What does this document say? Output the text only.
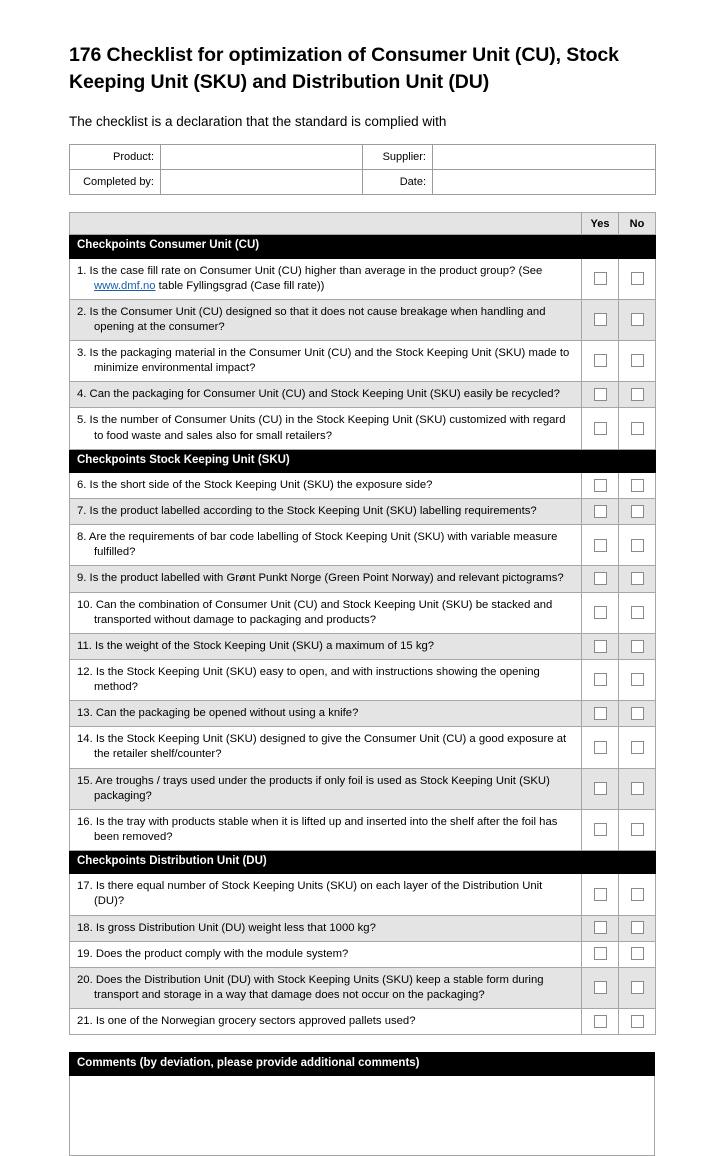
176 Checklist for optimization of Consumer Unit (CU), Stock Keeping Unit (SKU) and Distribution Unit (DU)

The checklist is a declaration that the standard is complied with

Product:		Supplier:	
Completed by:		Date:	
	Yes	No
Checkpoints Consumer Unit (CU)		

1. Is the case fill rate on Consumer Unit (CU) higher than average in the product group? (See www.dmf.no table Fyllingsgrad (Case fill rate))		

2. Is the Consumer Unit (CU) designed so that it does not cause breakage when handling and opening at the consumer?		

3. Is the packaging material in the Consumer Unit (CU) and the Stock Keeping Unit (SKU) made to minimize environmental impact?		

4. Can the packaging for Consumer Unit (CU) and Stock Keeping Unit (SKU) easily be recycled?		

5. Is the number of Consumer Units (CU) in the Stock Keeping Unit (SKU) customized with regard to food waste and sales also for small retailers?		

Checkpoints Stock Keeping Unit (SKU)		

6. Is the short side of the Stock Keeping Unit (SKU) the exposure side?		

7. Is the product labelled according to the Stock Keeping Unit (SKU) labelling requirements?		

8. Are the requirements of bar code labelling of Stock Keeping Unit (SKU) with variable measure fulfilled?		

9. Is the product labelled with Grønt Punkt Norge (Green Point Norway) and relevant pictograms?		

10. Can the combination of Consumer Unit (CU) and Stock Keeping Unit (SKU) be stacked and transported without damage to packaging and products?		

11. Is the weight of the Stock Keeping Unit (SKU) a maximum of 15 kg?		

12. Is the Stock Keeping Unit (SKU) easy to open, and with instructions showing the opening method?		

13. Can the packaging be opened without using a knife?		

14. Is the Stock Keeping Unit (SKU) designed to give the Consumer Unit (CU) a good exposure at the retailer shelf/counter?		

15. Are troughs / trays used under the products if only foil is used as Stock Keeping Unit (SKU) packaging?		

16. Is the tray with products stable when it is lifted up and inserted into the shelf after the foil has been removed?		

Checkpoints Distribution Unit (DU)		

17. Is there equal number of Stock Keeping Units (SKU) on each layer of the Distribution Unit (DU)?		

18. Is gross Distribution Unit (DU) weight less that 1000 kg?		

19. Does the product comply with the module system?		

20. Does the Distribution Unit (DU) with Stock Keeping Units (SKU) keep a stable form during transport and storage in a way that damage does not occur on the packaging?		

21. Is one of the Norwegian grocery sectors approved pallets used?		

Comments (by deviation, please provide additional comments)
